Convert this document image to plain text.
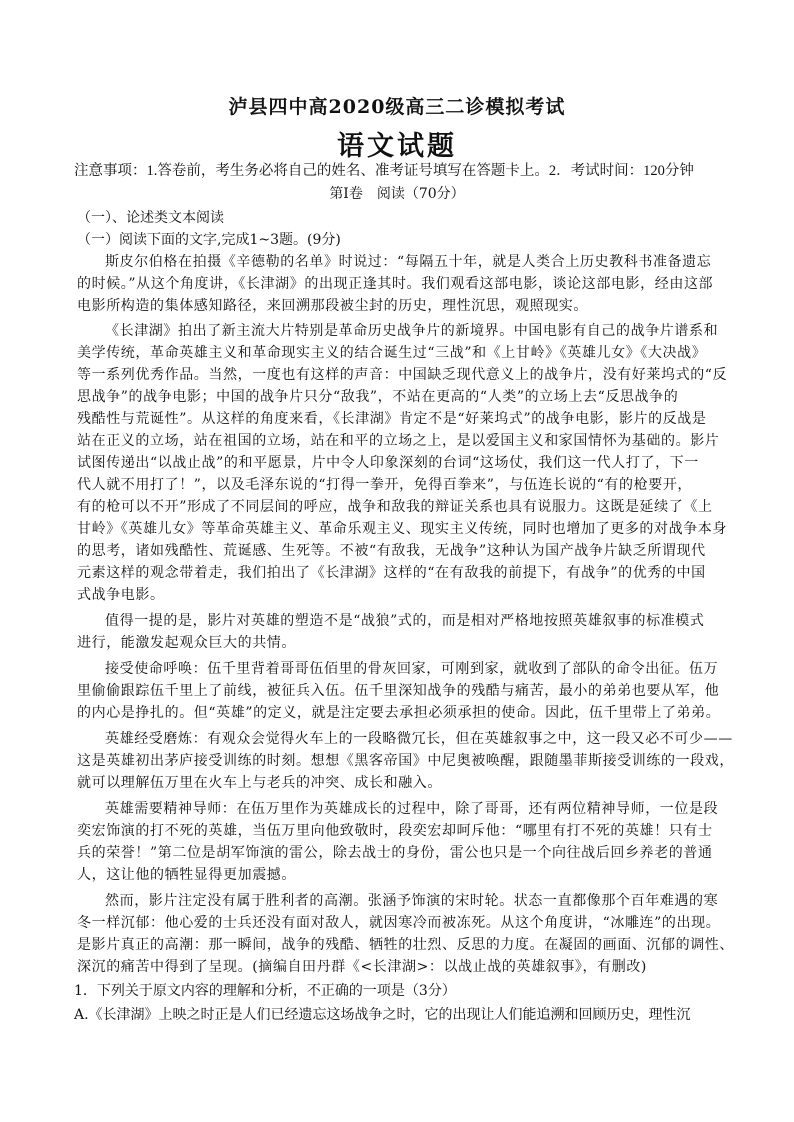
泸县四中高2020级高三二诊模拟考试
语文试题
注意事项：1.答卷前，考生务必将自己的姓名、准考证号填写在答题卡上。2．考试时间：120分钟
第I卷　阅读（70分）
（一）、论述类文本阅读
（一）阅读下面的文字,完成1~3题。(9分)
斯皮尔伯格在拍摄《辛德勒的名单》时说过：“每隔五十年，就是人类合上历史教科书准备遗忘
的时候。”从这个角度讲，《长津湖》的出现正逢其时。我们观看这部电影，谈论这部电影，经由这部
电影所构造的集体感知路径，来回溯那段被尘封的历史，理性沉思，观照现实。
《长津湖》拍出了新主流大片特别是革命历史战争片的新境界。中国电影有自己的战争片谱系和
美学传统，革命英雄主义和革命现实主义的结合诞生过“三战”和《上甘岭》《英雄儿女》《大决战》
等一系列优秀作品。当然，一度也有这样的声音：中国缺乏现代意义上的战争片，没有好莱坞式的“反
思战争”的战争电影；中国的战争片只分“敌我”，不站在更高的“人类”的立场上去“反思战争的
残酷性与荒诞性”。从这样的角度来看，《长津湖》肯定不是“好莱坞式”的战争电影，影片的反战是
站在正义的立场，站在祖国的立场，站在和平的立场之上，是以爱国主义和家国情怀为基础的。影片
试图传递出“以战止战”的和平愿景，片中令人印象深刻的台词“这场仗，我们这一代人打了，下一
代人就不用打了！”，以及毛泽东说的“打得一拳开，免得百拳来”，与伍连长说的“有的枪要开，
有的枪可以不开”形成了不同层间的呼应，战争和敌我的辩证关系也具有说服力。这既是延续了《上
甘岭》《英雄儿女》等革命英雄主义、革命乐观主义、现实主义传统，同时也增加了更多的对战争本身
的思考，诸如残酷性、荒诞感、生死等。不被“有敌我，无战争”这种认为国产战争片缺乏所谓现代
元素这样的观念带着走，我们拍出了《长津湖》这样的“在有敌我的前提下，有战争”的优秀的中国
式战争电影。
值得一提的是，影片对英雄的塑造不是“战狼”式的，而是相对严格地按照英雄叙事的标准模式
进行，能激发起观众巨大的共情。
接受使命呼唤：伍千里背着哥哥伍佰里的骨灰回家，可刚到家，就收到了部队的命令出征。伍万
里偷偷跟踪伍千里上了前线，被征兵入伍。伍千里深知战争的残酷与痛苦，最小的弟弟也要从军，他
的内心是挣扎的。但“英雄”的定义，就是注定要去承担必须承担的使命。因此，伍千里带上了弟弟。
英雄经受磨炼：有观众会觉得火车上的一段略微冗长，但在英雄叙事之中，这一段又必不可少——
这是英雄初出茅庐接受训练的时刻。想想《黑客帝国》中尼奥被唤醒，跟随墨菲斯接受训练的一段戏，
就可以理解伍万里在火车上与老兵的冲突、成长和融入。
英雄需要精神导师：在伍万里作为英雄成长的过程中，除了哥哥，还有两位精神导师，一位是段
奕宏饰演的打不死的英雄，当伍万里向他致敬时，段奕宏却呵斥他：“哪里有打不死的英雄！只有士
兵的荣誉！”第二位是胡军饰演的雷公，除去战士的身份，雷公也只是一个向往战后回乡养老的普通
人，这让他的牺牲显得更加震撼。
然而，影片注定没有属于胜利者的高潮。张涵予饰演的宋时轮。状态一直都像那个百年难遇的寒
冬一样沉郁：他心爱的士兵还没有面对敌人，就因寒冷而被冻死。从这个角度讲，“冰雕连”的出现。
是影片真正的高潮：那一瞬间，战争的残酷、牺牲的壮烈、反思的力度。在凝固的画面、沉郁的调性、
深沉的痛苦中得到了呈现。(摘编自田丹群《<长津湖>：以战止战的英雄叙事》，有删改)
1．下列关于原文内容的理解和分析，不正确的一项是（3分）
A.《长津湖》上映之时正是人们已经遗忘这场战争之时，它的出现让人们能追溯和回顾历史，理性沉
